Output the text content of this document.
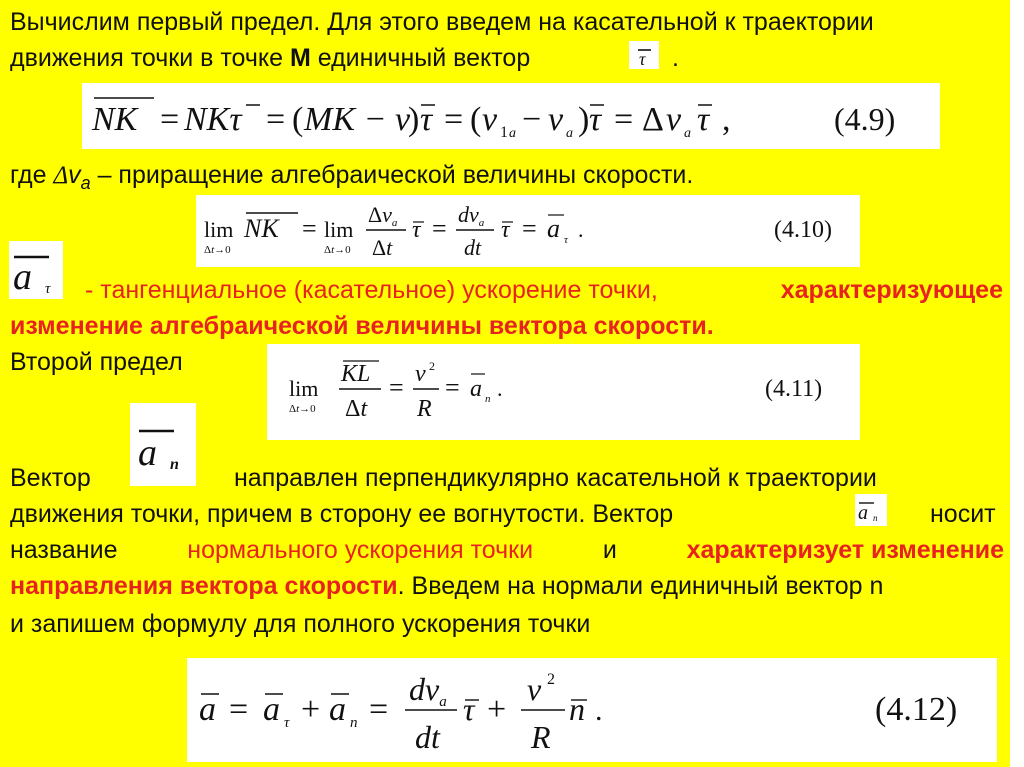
Вычислим первый предел. Для этого введем на касательной к траектории
движения точки в точке M единичный вектор	τ .
NK = NKτ = ( MK − ν
) τ = ( ν 1 a − ν a ) τ = Δ ν a τ ,	(4.9)
где $\Delta v_a$ – приращение алгебраической величины скорости.
lim
Δt→0
NK = lim
Δt→0
Δνa
Δt
τ = dνa
dt
τ = a τ .	(4.10)
a τ - тангенциальное (касательное) ускорение точки,	характеризующее
изменение алгебраической величины вектора скорости.
Второй предел
lim
Δt→0
KL
Δt
= ν 2
R
= a n .	(4.11)
a n
Вектор	направлен перпендикулярно касательной к траектории
движения точки, причем в сторону ее вогнутости. Вектор	a n носит
название	нормального ускорения точки	и	характеризует изменение
направления вектора скорости. Введем на нормали единичный вектор n
и запишем формулу для полного ускорения точки
a = a τ + a n =
dνa
dt
τ +
ν 2
R
n .	(4.12)
